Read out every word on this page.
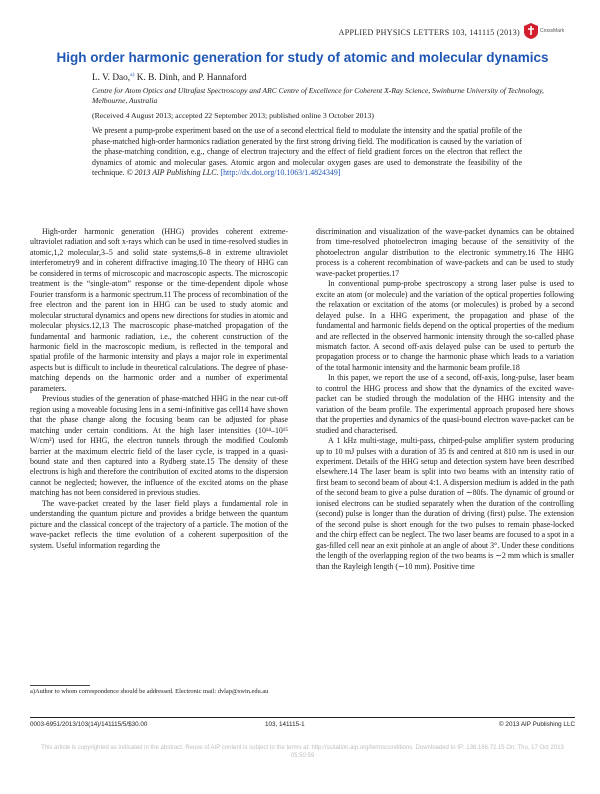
APPLIED PHYSICS LETTERS 103, 141115 (2013)	CrossMark
High order harmonic generation for study of atomic and molecular dynamics
L. V. Dao,$^{a)}$ K. B. Dinh, and P. Hannaford
Centre for Atom Optics and Ultrafast Spectroscopy and ARC Centre of Excellence for Coherent X-Ray Science, Swinburne University of Technology, Melbourne, Australia
(Received 4 August 2013; accepted 22 September 2013; published online 3 October 2013)
We present a pump-probe experiment based on the use of a second electrical field to modulate the intensity and the spatial profile of the phase-matched high-order harmonics radiation generated by the first strong driving field. The modification is caused by the variation of the phase-matching condition, e.g., change of electron trajectory and the effect of field gradient forces on the electron that reflect the dynamics of atomic and molecular gases. Atomic argon and molecular oxygen gases are used to demonstrate the feasibility of the technique. © 2013 AIP Publishing LLC. [http://dx.doi.org/10.1063/1.4824349]

High-order harmonic generation (HHG) provides coherent extreme-ultraviolet radiation and soft x-rays which can be used in time-resolved studies in atomic,1,2 molecular,3–5 and solid state systems,6–8 in extreme ultraviolet interferometry9 and in coherent diffractive imaging.10 The theory of HHG can be considered in terms of microscopic and macroscopic aspects. The microscopic treatment is the “single-atom” response or the time-dependent dipole whose Fourier transform is a harmonic spectrum.11 The process of recombination of the free electron and the parent ion in HHG can be used to study atomic and molecular structural dynamics and opens new directions for studies in atomic and molecular physics.12,13 The macroscopic phase-matched propagation of the fundamental and harmonic radiation, i.e., the coherent construction of the harmonic field in the macroscopic medium, is reflected in the temporal and spatial profile of the harmonic intensity and plays a major role in experimental aspects but is difficult to include in theoretical calculations. The degree of phase-matching depends on the harmonic order and a number of experimental parameters.

Previous studies of the generation of phase-matched HHG in the near cut-off region using a moveable focusing lens in a semi-infinitive gas cell14 have shown that the phase change along the focusing beam can be adjusted for phase matching under certain conditions. At the high laser intensities (10¹⁴–10¹⁵ W/cm²) used for HHG, the electron tunnels through the modified Coulomb barrier at the maximum electric field of the laser cycle, is trapped in a quasi-bound state and then captured into a Rydberg state.15 The density of these electrons is high and therefore the contribution of excited atoms to the dispersion cannot be neglected; however, the influence of the excited atoms on the phase matching has not been considered in previous studies.

The wave-packet created by the laser field plays a fundamental role in understanding the quantum picture and provides a bridge between the quantum picture and the classical concept of the trajectory of a particle. The motion of the wave-packet reflects the time evolution of a coherent superposition of the system. Useful information regarding the

discrimination and visualization of the wave-packet dynamics can be obtained from time-resolved photoelectron imaging because of the sensitivity of the photoelectron angular distribution to the electronic symmetry.16 The HHG process is a coherent recombination of wave-packets and can be used to study wave-packet properties.17

In conventional pump-probe spectroscopy a strong laser pulse is used to excite an atom (or molecule) and the variation of the optical properties following the relaxation or excitation of the atoms (or molecules) is probed by a second delayed pulse. In a HHG experiment, the propagation and phase of the fundamental and harmonic fields depend on the optical properties of the medium and are reflected in the observed harmonic intensity through the so-called phase mismatch factor. A second off-axis delayed pulse can be used to perturb the propagation process or to change the harmonic phase which leads to a variation of the total harmonic intensity and the harmonic beam profile.18

In this paper, we report the use of a second, off-axis, long-pulse, laser beam to control the HHG process and show that the dynamics of the excited wave-packet can be studied through the modulation of the HHG intensity and the variation of the beam profile. The experimental approach proposed here shows that the properties and dynamics of the quasi-bound electron wave-packet can be studied and characterised.

A 1 kHz multi-stage, multi-pass, chirped-pulse amplifier system producing up to 10 mJ pulses with a duration of 35 fs and centred at 810 nm is used in our experiment. Details of the HHG setup and detection system have been described elsewhere.14 The laser beam is split into two beams with an intensity ratio of first beam to second beam of about 4:1. A dispersion medium is added in the path of the second beam to give a pulse duration of ∼80fs. The dynamic of ground or ionised electrons can be studied separately when the duration of the controlling (second) pulse is longer than the duration of driving (first) pulse. The extension of the second pulse is short enough for the two pulses to remain phase-locked and the chirp effect can be neglect. The two laser beams are focused to a spot in a gas-filled cell near an exit pinhole at an angle of about 3°. Under these conditions the length of the overlapping region of the two beams is ∼2 mm which is smaller than the Rayleigh length (∼10 mm). Positive time

a)Author to whom correspondence should be addressed. Electronic mail: dvlap@swin.edu.au
0003-6951/2013/103(14)/141115/5/$30.00	103, 141115-1	© 2013 AIP Publishing LLC
This article is copyrighted as indicated in the abstract. Reuse of AIP content is subject to the terms at: http://scitation.aip.org/termsconditions. Downloaded to IP: 136.186.72.15 On: Thu, 17 Oct 2013 05:50:59
